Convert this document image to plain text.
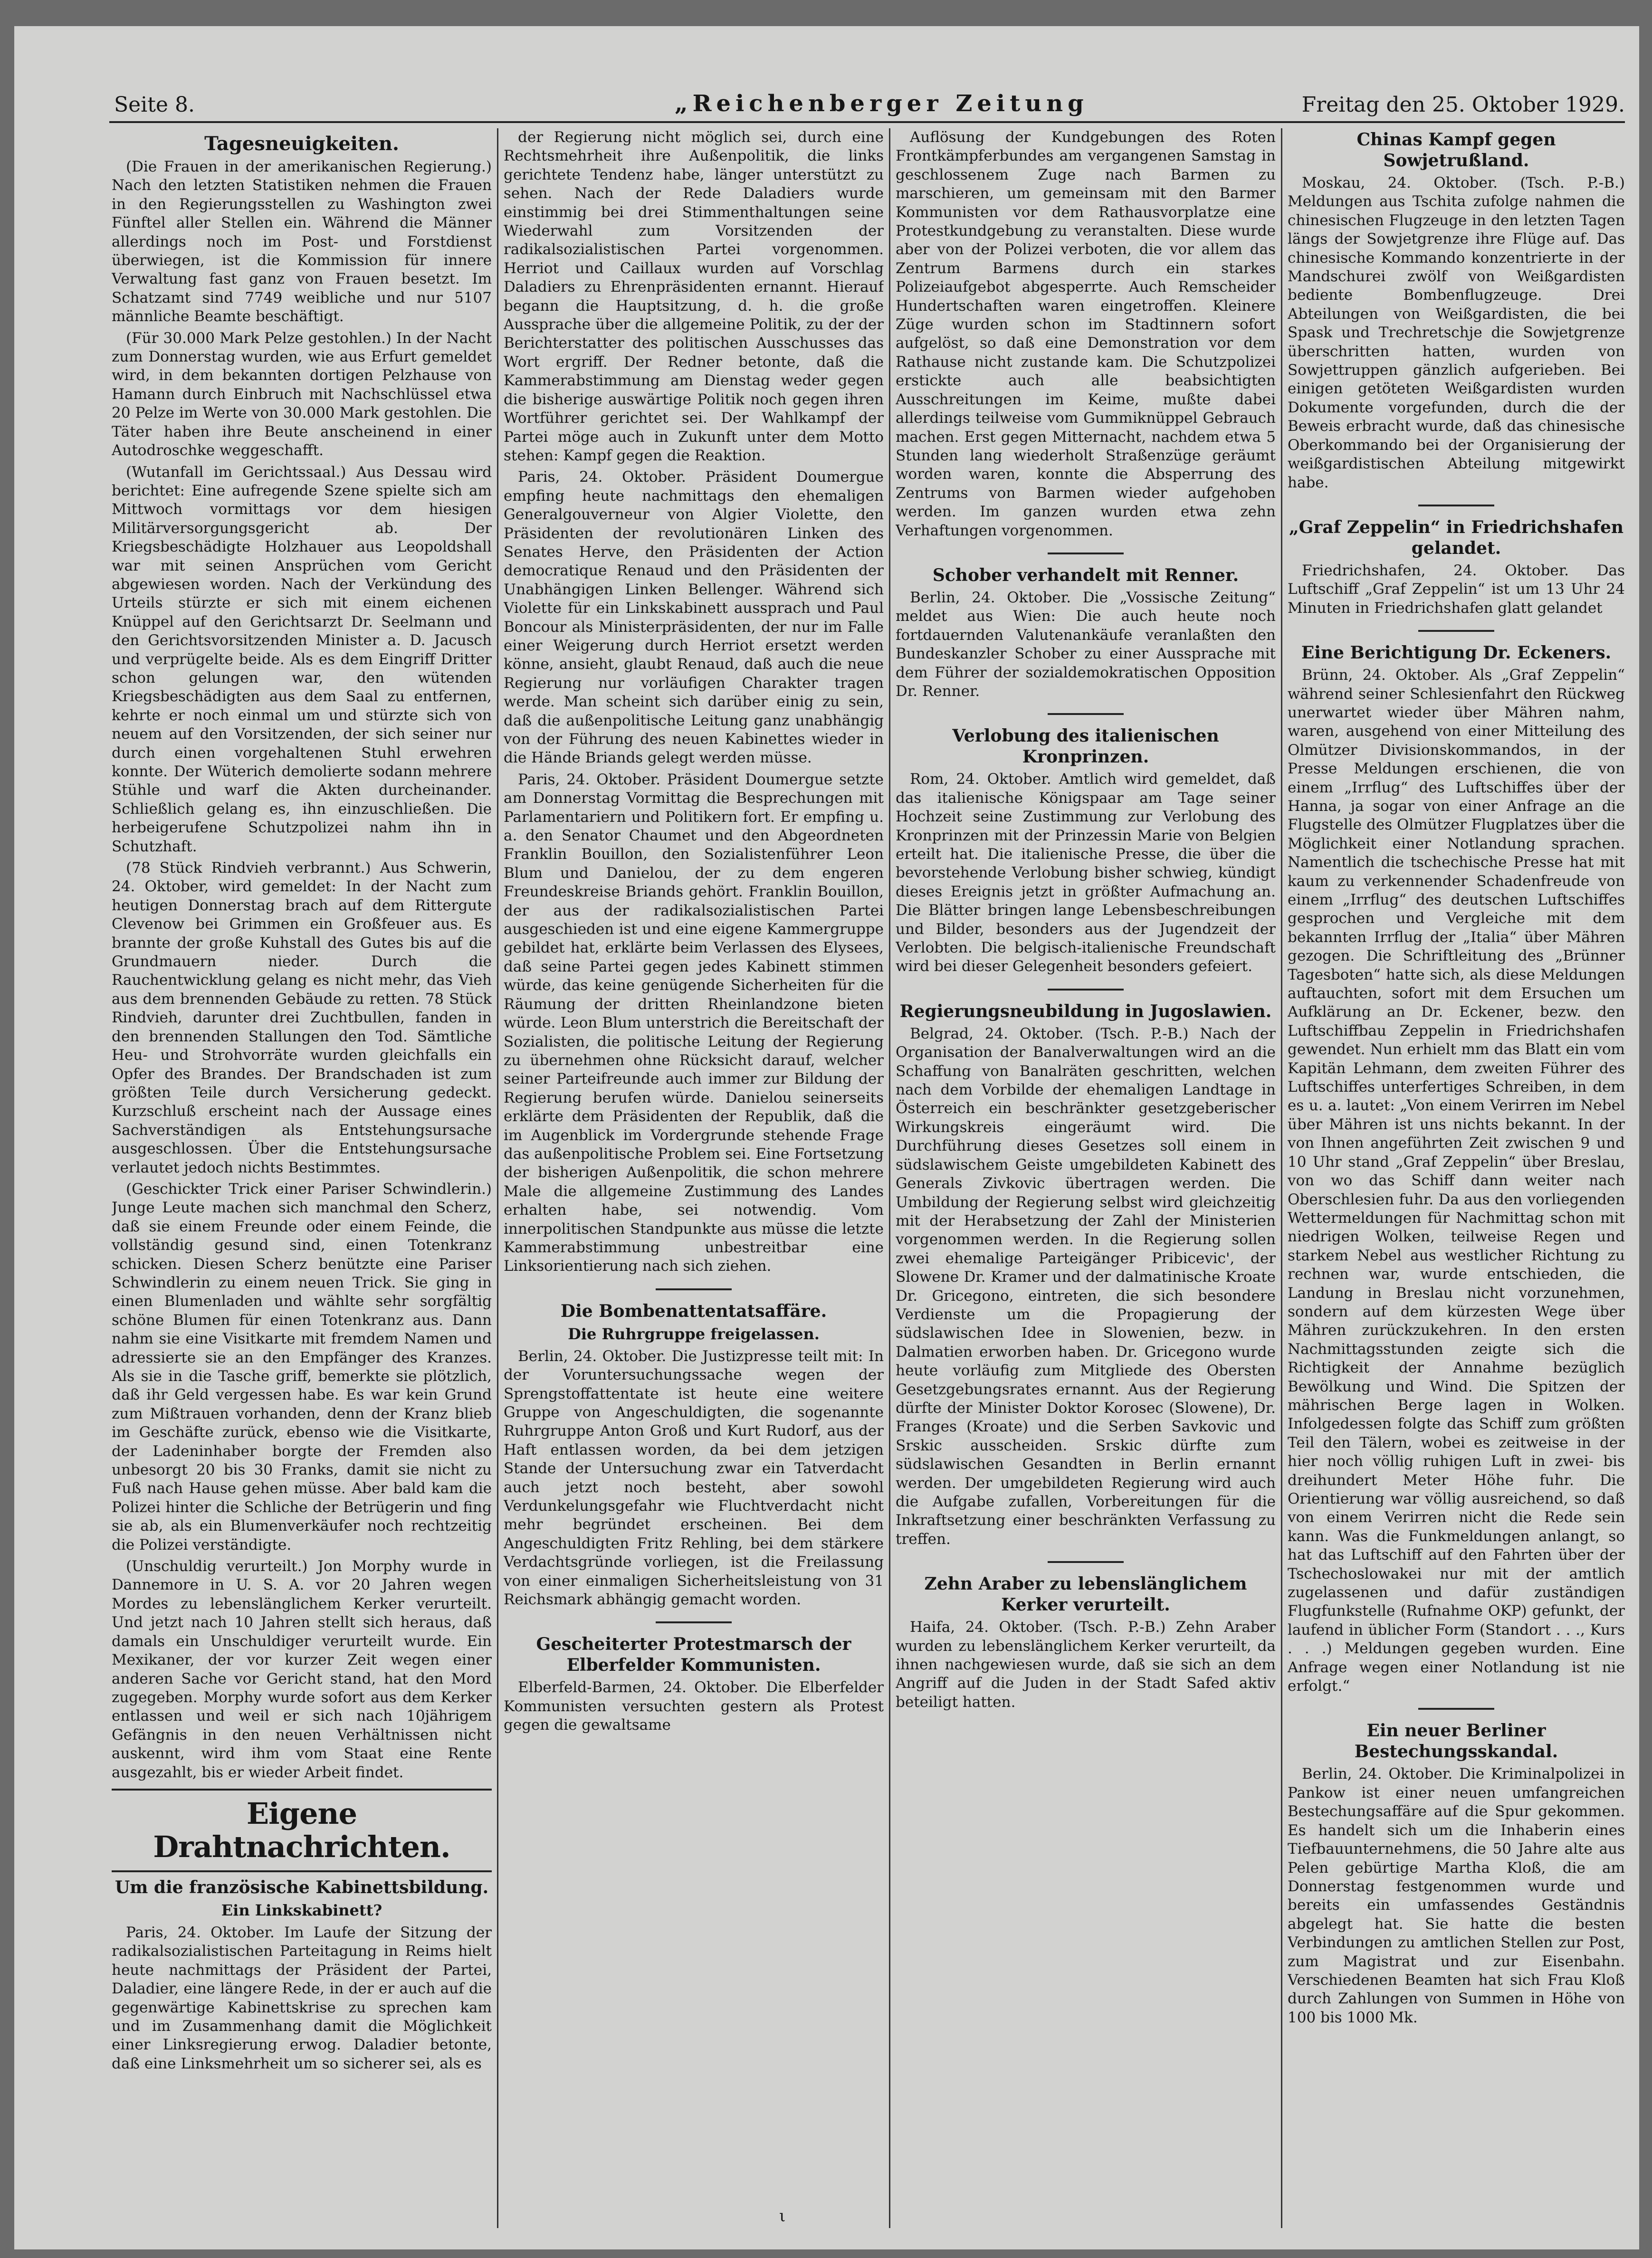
Seite 8.	„Reichenberger Zeitung	Freitag den 25. Oktober 1929.
Tagesneuigkeiten.

(Die Frauen in der amerikanischen Regierung.) Nach den letzten Statistiken nehmen die Frauen in den Regierungsstellen zu Washington zwei Fünftel aller Stellen ein. Während die Männer allerdings noch im Post- und Forstdienst überwiegen, ist die Kommission für innere Verwaltung fast ganz von Frauen besetzt. Im Schatzamt sind 7749 weibliche und nur 5107 männliche Beamte beschäftigt.

(Für 30.000 Mark Pelze gestohlen.) In der Nacht zum Donnerstag wurden, wie aus Erfurt gemeldet wird, in dem bekannten dortigen Pelzhause von Hamann durch Einbruch mit Nachschlüssel etwa 20 Pelze im Werte von 30.000 Mark gestohlen. Die Täter haben ihre Beute anscheinend in einer Autodroschke weggeschafft.

(Wutanfall im Gerichtssaal.) Aus Dessau wird berichtet: Eine aufregende Szene spielte sich am Mittwoch vormittags vor dem hiesigen Militärversorgungsgericht ab. Der Kriegsbeschädigte Holzhauer aus Leopoldshall war mit seinen Ansprüchen vom Gericht abgewiesen worden. Nach der Verkündung des Urteils stürzte er sich mit einem eichenen Knüppel auf den Gerichtsarzt Dr. Seelmann und den Gerichtsvorsitzenden Minister a. D. Jacusch und verprügelte beide. Als es dem Eingriff Dritter schon gelungen war, den wütenden Kriegsbeschädigten aus dem Saal zu entfernen, kehrte er noch einmal um und stürzte sich von neuem auf den Vorsitzenden, der sich seiner nur durch einen vorgehaltenen Stuhl erwehren konnte. Der Wüterich demolierte sodann mehrere Stühle und warf die Akten durcheinander. Schließlich gelang es, ihn einzuschließen. Die herbeigerufene Schutzpolizei nahm ihn in Schutzhaft.

(78 Stück Rindvieh verbrannt.) Aus Schwerin, 24. Oktober, wird gemeldet: In der Nacht zum heutigen Donnerstag brach auf dem Rittergute Clevenow bei Grimmen ein Großfeuer aus. Es brannte der große Kuhstall des Gutes bis auf die Grundmauern nieder. Durch die Rauchentwicklung gelang es nicht mehr, das Vieh aus dem brennenden Gebäude zu retten. 78 Stück Rindvieh, darunter drei Zuchtbullen, fanden in den brennenden Stallungen den Tod. Sämtliche Heu- und Strohvorräte wurden gleichfalls ein Opfer des Brandes. Der Brandschaden ist zum größten Teile durch Versicherung gedeckt. Kurzschluß erscheint nach der Aussage eines Sachverständigen als Entstehungsursache ausgeschlossen. Über die Entstehungsursache verlautet jedoch nichts Bestimmtes.

(Geschickter Trick einer Pariser Schwindlerin.) Junge Leute machen sich manchmal den Scherz, daß sie einem Freunde oder einem Feinde, die vollständig gesund sind, einen Totenkranz schicken. Diesen Scherz benützte eine Pariser Schwindlerin zu einem neuen Trick. Sie ging in einen Blumenladen und wählte sehr sorgfältig schöne Blumen für einen Totenkranz aus. Dann nahm sie eine Visitkarte mit fremdem Namen und adressierte sie an den Empfänger des Kranzes. Als sie in die Tasche griff, bemerkte sie plötzlich, daß ihr Geld vergessen habe. Es war kein Grund zum Mißtrauen vorhanden, denn der Kranz blieb im Geschäfte zurück, ebenso wie die Visitkarte, der Ladeninhaber borgte der Fremden also unbesorgt 20 bis 30 Franks, damit sie nicht zu Fuß nach Hause gehen müsse. Aber bald kam die Polizei hinter die Schliche der Betrügerin und fing sie ab, als ein Blumenverkäufer noch rechtzeitig die Polizei verständigte.

(Unschuldig verurteilt.) Jon Morphy wurde in Dannemore in U. S. A. vor 20 Jahren wegen Mordes zu lebenslänglichem Kerker verurteilt. Und jetzt nach 10 Jahren stellt sich heraus, daß damals ein Unschuldiger verurteilt wurde. Ein Mexikaner, der vor kurzer Zeit wegen einer anderen Sache vor Gericht stand, hat den Mord zugegeben. Morphy wurde sofort aus dem Kerker entlassen und weil er sich nach 10jährigem Gefängnis in den neuen Verhältnissen nicht auskennt, wird ihm vom Staat eine Rente ausgezahlt, bis er wieder Arbeit findet.

Eigene Drahtnachrichten.
Um die französische Kabinettsbildung.
Ein Linkskabinett?

Paris, 24. Oktober. Im Laufe der Sitzung der radikalsozialistischen Parteitagung in Reims hielt heute nachmittags der Präsident der Partei, Daladier, eine längere Rede, in der er auch auf die gegenwärtige Kabinettskrise zu sprechen kam und im Zusammenhang damit die Möglichkeit einer Linksregierung erwog. Daladier betonte, daß eine Linksmehrheit um so sicherer sei, als es

der Regierung nicht möglich sei, durch eine Rechtsmehrheit ihre Außenpolitik, die links gerichtete Tendenz habe, länger unterstützt zu sehen. Nach der Rede Daladiers wurde einstimmig bei drei Stimmenthaltungen seine Wiederwahl zum Vorsitzenden der radikalsozialistischen Partei vorgenommen. Herriot und Caillaux wurden auf Vorschlag Daladiers zu Ehrenpräsidenten ernannt. Hierauf begann die Hauptsitzung, d. h. die große Aussprache über die allgemeine Politik, zu der der Berichterstatter des politischen Ausschusses das Wort ergriff. Der Redner betonte, daß die Kammerabstimmung am Dienstag weder gegen die bisherige auswärtige Politik noch gegen ihren Wortführer gerichtet sei. Der Wahlkampf der Partei möge auch in Zukunft unter dem Motto stehen: Kampf gegen die Reaktion.

Paris, 24. Oktober. Präsident Doumergue empfing heute nachmittags den ehemaligen Generalgouverneur von Algier Violette, den Präsidenten der revolutionären Linken des Senates Herve, den Präsidenten der Action democratique Renaud und den Präsidenten der Unabhängigen Linken Bellenger. Während sich Violette für ein Linkskabinett aussprach und Paul Boncour als Ministerpräsidenten, der nur im Falle einer Weigerung durch Herriot ersetzt werden könne, ansieht, glaubt Renaud, daß auch die neue Regierung nur vorläufigen Charakter tragen werde. Man scheint sich darüber einig zu sein, daß die außenpolitische Leitung ganz unabhängig von der Führung des neuen Kabinettes wieder in die Hände Briands gelegt werden müsse.

Paris, 24. Oktober. Präsident Doumergue setzte am Donnerstag Vormittag die Besprechungen mit Parlamentariern und Politikern fort. Er empfing u. a. den Senator Chaumet und den Abgeordneten Franklin Bouillon, den Sozialistenführer Leon Blum und Danielou, der zu dem engeren Freundeskreise Briands gehört. Franklin Bouillon, der aus der radikalsozialistischen Partei ausgeschieden ist und eine eigene Kammergruppe gebildet hat, erklärte beim Verlassen des Elysees, daß seine Partei gegen jedes Kabinett stimmen würde, das keine genügende Sicherheiten für die Räumung der dritten Rheinlandzone bieten würde. Leon Blum unterstrich die Bereitschaft der Sozialisten, die politische Leitung der Regierung zu übernehmen ohne Rücksicht darauf, welcher seiner Parteifreunde auch immer zur Bildung der Regierung berufen würde. Danielou seinerseits erklärte dem Präsidenten der Republik, daß die im Augenblick im Vordergrunde stehende Frage das außenpolitische Problem sei. Eine Fortsetzung der bisherigen Außenpolitik, die schon mehrere Male die allgemeine Zustimmung des Landes erhalten habe, sei notwendig. Vom innerpolitischen Standpunkte aus müsse die letzte Kammerabstimmung unbestreitbar eine Linksorientierung nach sich ziehen.

Die Bombenattentatsaffäre.
Die Ruhrgruppe freigelassen.

Berlin, 24. Oktober. Die Justizpresse teilt mit: In der Voruntersuchungssache wegen der Sprengstoffattentate ist heute eine weitere Gruppe von Angeschuldigten, die sogenannte Ruhrgruppe Anton Groß und Kurt Rudorf, aus der Haft entlassen worden, da bei dem jetzigen Stande der Untersuchung zwar ein Tatverdacht auch jetzt noch besteht, aber sowohl Verdunkelungsgefahr wie Fluchtverdacht nicht mehr begründet erscheinen. Bei dem Angeschuldigten Fritz Rehling, bei dem stärkere Verdachtsgründe vorliegen, ist die Freilassung von einer einmaligen Sicherheitsleistung von 31 Reichsmark abhängig gemacht worden.

Gescheiterter Protestmarsch der Elberfelder Kommunisten.

Elberfeld-Barmen, 24. Oktober. Die Elberfelder Kommunisten versuchten gestern als Protest gegen die gewaltsame

Auflösung der Kundgebungen des Roten Frontkämpferbundes am vergangenen Samstag in geschlossenem Zuge nach Barmen zu marschieren, um gemeinsam mit den Barmer Kommunisten vor dem Rathausvorplatze eine Protestkundgebung zu veranstalten. Diese wurde aber von der Polizei verboten, die vor allem das Zentrum Barmens durch ein starkes Polizeiaufgebot abgesperrte. Auch Remscheider Hundertschaften waren eingetroffen. Kleinere Züge wurden schon im Stadtinnern sofort aufgelöst, so daß eine Demonstration vor dem Rathause nicht zustande kam. Die Schutzpolizei erstickte auch alle beabsichtigten Ausschreitungen im Keime, mußte dabei allerdings teilweise vom Gummiknüppel Gebrauch machen. Erst gegen Mitternacht, nachdem etwa 5 Stunden lang wiederholt Straßenzüge geräumt worden waren, konnte die Absperrung des Zentrums von Barmen wieder aufgehoben werden. Im ganzen wurden etwa zehn Verhaftungen vorgenommen.

Schober verhandelt mit Renner.

Berlin, 24. Oktober. Die „Vossische Zeitung“ meldet aus Wien: Die auch heute noch fortdauernden Valutenankäufe veranlaßten den Bundeskanzler Schober zu einer Aussprache mit dem Führer der sozialdemokratischen Opposition Dr. Renner.

Verlobung des italienischen Kronprinzen.

Rom, 24. Oktober. Amtlich wird gemeldet, daß das italienische Königspaar am Tage seiner Hochzeit seine Zustimmung zur Verlobung des Kronprinzen mit der Prinzessin Marie von Belgien erteilt hat. Die italienische Presse, die über die bevorstehende Verlobung bisher schwieg, kündigt dieses Ereignis jetzt in größter Aufmachung an. Die Blätter bringen lange Lebensbeschreibungen und Bilder, besonders aus der Jugendzeit der Verlobten. Die belgisch-italienische Freundschaft wird bei dieser Gelegenheit besonders gefeiert.

Regierungsneubildung in Jugoslawien.

Belgrad, 24. Oktober. (Tsch. P.-B.) Nach der Organisation der Banalverwaltungen wird an die Schaffung von Banalräten geschritten, welchen nach dem Vorbilde der ehemaligen Landtage in Österreich ein beschränkter gesetzgeberischer Wirkungskreis eingeräumt wird. Die Durchführung dieses Gesetzes soll einem in südslawischem Geiste umgebildeten Kabinett des Generals Zivkovic übertragen werden. Die Umbildung der Regierung selbst wird gleichzeitig mit der Herabsetzung der Zahl der Ministerien vorgenommen werden. In die Regierung sollen zwei ehemalige Parteigänger Pribicevic', der Slowene Dr. Kramer und der dalmatinische Kroate Dr. Gricegono, eintreten, die sich besondere Verdienste um die Propagierung der südslawischen Idee in Slowenien, bezw. in Dalmatien erworben haben. Dr. Gricegono wurde heute vorläufig zum Mitgliede des Obersten Gesetzgebungsrates ernannt. Aus der Regierung dürfte der Minister Doktor Korosec (Slowene), Dr. Franges (Kroate) und die Serben Savkovic und Srskic ausscheiden. Srskic dürfte zum südslawischen Gesandten in Berlin ernannt werden. Der umgebildeten Regierung wird auch die Aufgabe zufallen, Vorbereitungen für die Inkraftsetzung einer beschränkten Verfassung zu treffen.

Zehn Araber zu lebenslänglichem Kerker verurteilt.

Haifa, 24. Oktober. (Tsch. P.-B.) Zehn Araber wurden zu lebenslänglichem Kerker verurteilt, da ihnen nachgewiesen wurde, daß sie sich an dem Angriff auf die Juden in der Stadt Safed aktiv beteiligt hatten.

Chinas Kampf gegen Sowjetrußland.

Moskau, 24. Oktober. (Tsch. P.-B.) Meldungen aus Tschita zufolge nahmen die chinesischen Flugzeuge in den letzten Tagen längs der Sowjetgrenze ihre Flüge auf. Das chinesische Kommando konzentrierte in der Mandschurei zwölf von Weißgardisten bediente Bombenflugzeuge. Drei Abteilungen von Weißgardisten, die bei Spask und Trechretschje die Sowjetgrenze überschritten hatten, wurden von Sowjettruppen gänzlich aufgerieben. Bei einigen getöteten Weißgardisten wurden Dokumente vorgefunden, durch die der Beweis erbracht wurde, daß das chinesische Oberkommando bei der Organisierung der weißgardistischen Abteilung mitgewirkt habe.

„Graf Zeppelin“ in Friedrichshafen gelandet.

Friedrichshafen, 24. Oktober. Das Luftschiff „Graf Zeppelin“ ist um 13 Uhr 24 Minuten in Friedrichshafen glatt gelandet

Eine Berichtigung Dr. Eckeners.

Brünn, 24. Oktober. Als „Graf Zeppelin“ während seiner Schlesienfahrt den Rückweg unerwartet wieder über Mähren nahm, waren, ausgehend von einer Mitteilung des Olmützer Divisionskommandos, in der Presse Meldungen erschienen, die von einem „Irrflug“ des Luftschiffes über der Hanna, ja sogar von einer Anfrage an die Flugstelle des Olmützer Flugplatzes über die Möglichkeit einer Notlandung sprachen. Namentlich die tschechische Presse hat mit kaum zu verkennender Schadenfreude von einem „Irrflug“ des deutschen Luftschiffes gesprochen und Vergleiche mit dem bekannten Irrflug der „Italia“ über Mähren gezogen. Die Schriftleitung des „Brünner Tagesboten“ hatte sich, als diese Meldungen auftauchten, sofort mit dem Ersuchen um Aufklärung an Dr. Eckener, bezw. den Luftschiffbau Zeppelin in Friedrichshafen gewendet. Nun erhielt mm das Blatt ein vom Kapitän Lehmann, dem zweiten Führer des Luftschiffes unterfertiges Schreiben, in dem es u. a. lautet: „Von einem Verirren im Nebel über Mähren ist uns nichts bekannt. In der von Ihnen angeführten Zeit zwischen 9 und 10 Uhr stand „Graf Zeppelin“ über Breslau, von wo das Schiff dann weiter nach Oberschlesien fuhr. Da aus den vorliegenden Wettermeldungen für Nachmittag schon mit niedrigen Wolken, teilweise Regen und starkem Nebel aus westlicher Richtung zu rechnen war, wurde entschieden, die Landung in Breslau nicht vorzunehmen, sondern auf dem kürzesten Wege über Mähren zurückzukehren. In den ersten Nachmittagsstunden zeigte sich die Richtigkeit der Annahme bezüglich Bewölkung und Wind. Die Spitzen der mährischen Berge lagen in Wolken. Infolgedessen folgte das Schiff zum größten Teil den Tälern, wobei es zeitweise in der hier noch völlig ruhigen Luft in zwei- bis dreihundert Meter Höhe fuhr. Die Orientierung war völlig ausreichend, so daß von einem Verirren nicht die Rede sein kann. Was die Funkmeldungen anlangt, so hat das Luftschiff auf den Fahrten über der Tschechoslowakei nur mit der amtlich zugelassenen und dafür zuständigen Flugfunkstelle (Rufnahme OKP) gefunkt, der laufend in üblicher Form (Standort . . ., Kurs . . .) Meldungen gegeben wurden. Eine Anfrage wegen einer Notlandung ist nie erfolgt.“

Ein neuer Berliner Bestechungsskandal.

Berlin, 24. Oktober. Die Kriminalpolizei in Pankow ist einer neuen umfangreichen Bestechungsaffäre auf die Spur gekommen. Es handelt sich um die Inhaberin eines Tiefbauunternehmens, die 50 Jahre alte aus Pelen gebürtige Martha Kloß, die am Donnerstag festgenommen wurde und bereits ein umfassendes Geständnis abgelegt hat. Sie hatte die besten Verbindungen zu amtlichen Stellen zur Post, zum Magistrat und zur Eisenbahn. Verschiedenen Beamten hat sich Frau Kloß durch Zahlungen von Summen in Höhe von 100 bis 1000 Mk.

ι
